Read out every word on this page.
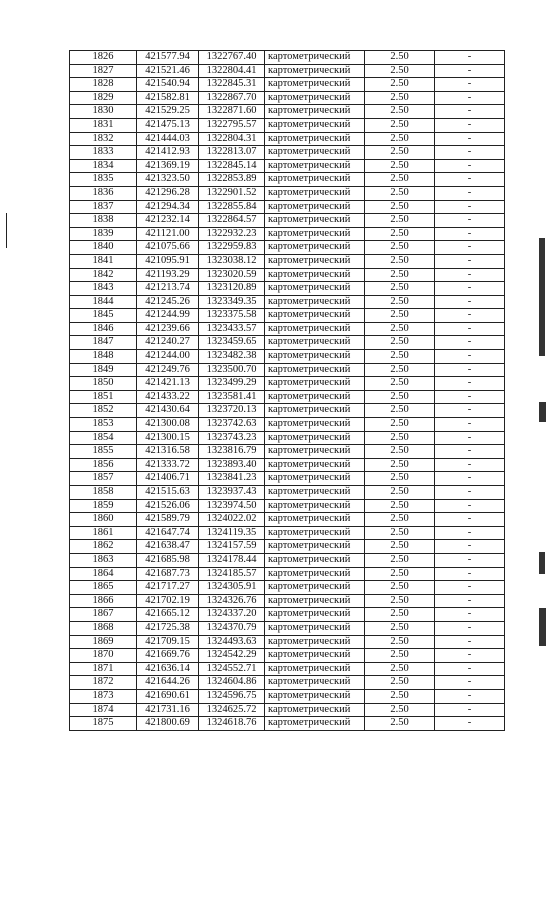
1826	421577.94	1322767.40	картометрический	2.50	-
1827	421521.46	1322804.41	картометрический	2.50	-
1828	421540.94	1322845.31	картометрический	2.50	-
1829	421582.81	1322867.70	картометрический	2.50	-
1830	421529.25	1322871.60	картометрический	2.50	-
1831	421475.13	1322795.57	картометрический	2.50	-
1832	421444.03	1322804.31	картометрический	2.50	-
1833	421412.93	1322813.07	картометрический	2.50	-
1834	421369.19	1322845.14	картометрический	2.50	-
1835	421323.50	1322853.89	картометрический	2.50	-
1836	421296.28	1322901.52	картометрический	2.50	-
1837	421294.34	1322855.84	картометрический	2.50	-
1838	421232.14	1322864.57	картометрический	2.50	-
1839	421121.00	1322932.23	картометрический	2.50	-
1840	421075.66	1322959.83	картометрический	2.50	-
1841	421095.91	1323038.12	картометрический	2.50	-
1842	421193.29	1323020.59	картометрический	2.50	-
1843	421213.74	1323120.89	картометрический	2.50	-
1844	421245.26	1323349.35	картометрический	2.50	-
1845	421244.99	1323375.58	картометрический	2.50	-
1846	421239.66	1323433.57	картометрический	2.50	-
1847	421240.27	1323459.65	картометрический	2.50	-
1848	421244.00	1323482.38	картометрический	2.50	-
1849	421249.76	1323500.70	картометрический	2.50	-
1850	421421.13	1323499.29	картометрический	2.50	-
1851	421433.22	1323581.41	картометрический	2.50	-
1852	421430.64	1323720.13	картометрический	2.50	-
1853	421300.08	1323742.63	картометрический	2.50	-
1854	421300.15	1323743.23	картометрический	2.50	-
1855	421316.58	1323816.79	картометрический	2.50	-
1856	421333.72	1323893.40	картометрический	2.50	-
1857	421406.71	1323841.23	картометрический	2.50	-
1858	421515.63	1323937.43	картометрический	2.50	-
1859	421526.06	1323974.50	картометрический	2.50	-
1860	421589.79	1324022.02	картометрический	2.50	-
1861	421647.74	1324119.35	картометрический	2.50	-
1862	421638.47	1324157.59	картометрический	2.50	-
1863	421685.98	1324178.44	картометрический	2.50	-
1864	421687.73	1324185.57	картометрический	2.50	-
1865	421717.27	1324305.91	картометрический	2.50	-
1866	421702.19	1324326.76	картометрический	2.50	-
1867	421665.12	1324337.20	картометрический	2.50	-
1868	421725.38	1324370.79	картометрический	2.50	-
1869	421709.15	1324493.63	картометрический	2.50	-
1870	421669.76	1324542.29	картометрический	2.50	-
1871	421636.14	1324552.71	картометрический	2.50	-
1872	421644.26	1324604.86	картометрический	2.50	-
1873	421690.61	1324596.75	картометрический	2.50	-
1874	421731.16	1324625.72	картометрический	2.50	-
1875	421800.69	1324618.76	картометрический	2.50	-
